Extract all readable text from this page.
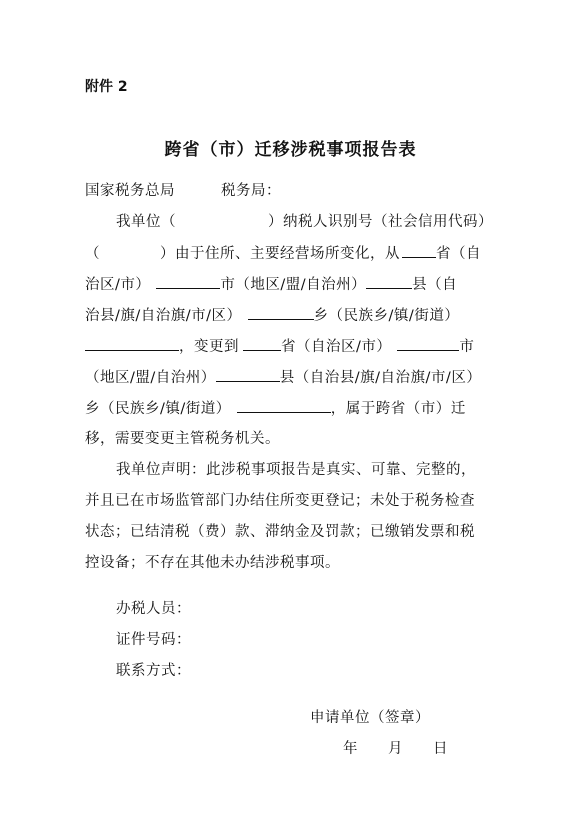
附件 2
跨省（市）迁移涉税事项报告表
国家税务总局	税务局：
我单位（	）纳税人识别号（社会信用代码）
（	）由于住所、主要经营场所变化，从 省（自
治区/市）	市（地区/盟/自治州）	县（自
治县/旗/自治旗/市/区）	乡（民族乡/镇/街道）
，变更到	省（自治区/市）	市
（地区/盟/自治州）	县（自治县/旗/自治旗/市/区）
乡（民族乡/镇/街道）	，属于跨省（市）迁
移，需要变更主管税务机关。
我单位声明：此涉税事项报告是真实、可靠、完整的，
并且已在市场监管部门办结住所变更登记；未处于税务检查
状态；已结清税（费）款、滞纳金及罚款；已缴销发票和税
控设备；不存在其他未办结涉税事项。
办税人员：
证件号码：
联系方式：
申请单位（签章）
年　　月　　日
